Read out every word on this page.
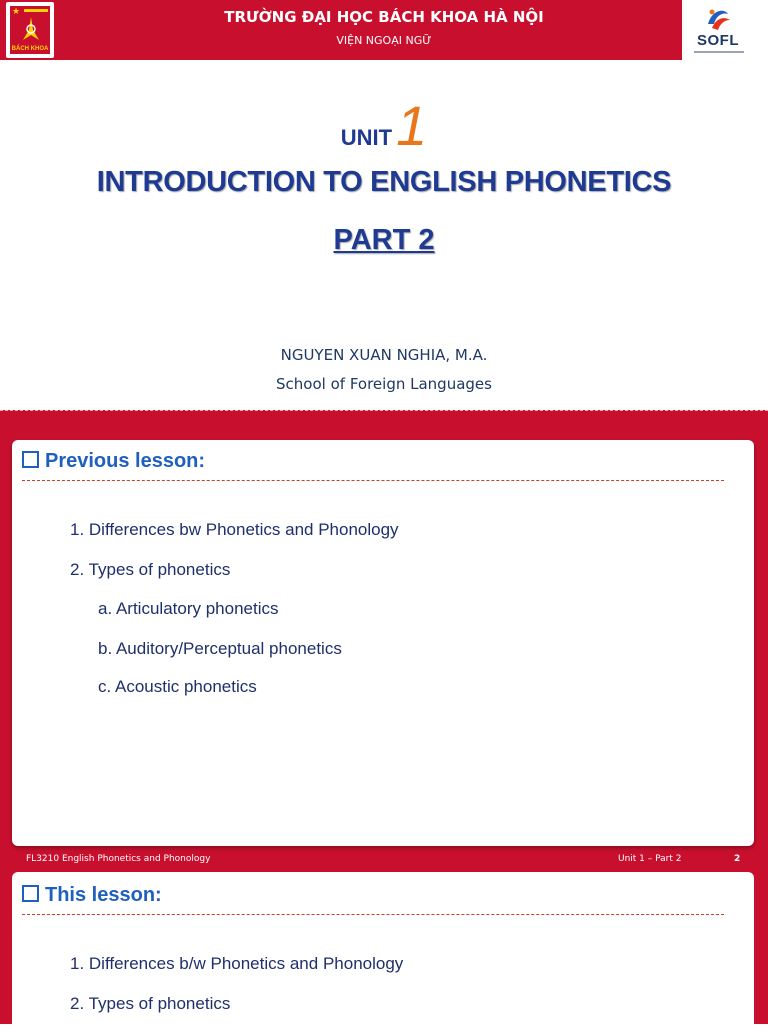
★
BÁCH KHOA
TRƯỜNG ĐẠI HỌC BÁCH KHOA HÀ NỘI
VIỆN NGOẠI NGỮ	SOFL
UNIT1
INTRODUCTION TO ENGLISH PHONETICS
PART 2
NGUYEN XUAN NGHIA, M.A.
School of Foreign Languages
Previous lesson:
1. Differences bw Phonetics and Phonology
2. Types of phonetics
a. Articulatory phonetics
b. Auditory/Perceptual phonetics
c. Acoustic phonetics
FL3210 English Phonetics and Phonology	Unit 1 – Part 2	2
This lesson:
1. Differences b/w Phonetics and Phonology
2. Types of phonetics
